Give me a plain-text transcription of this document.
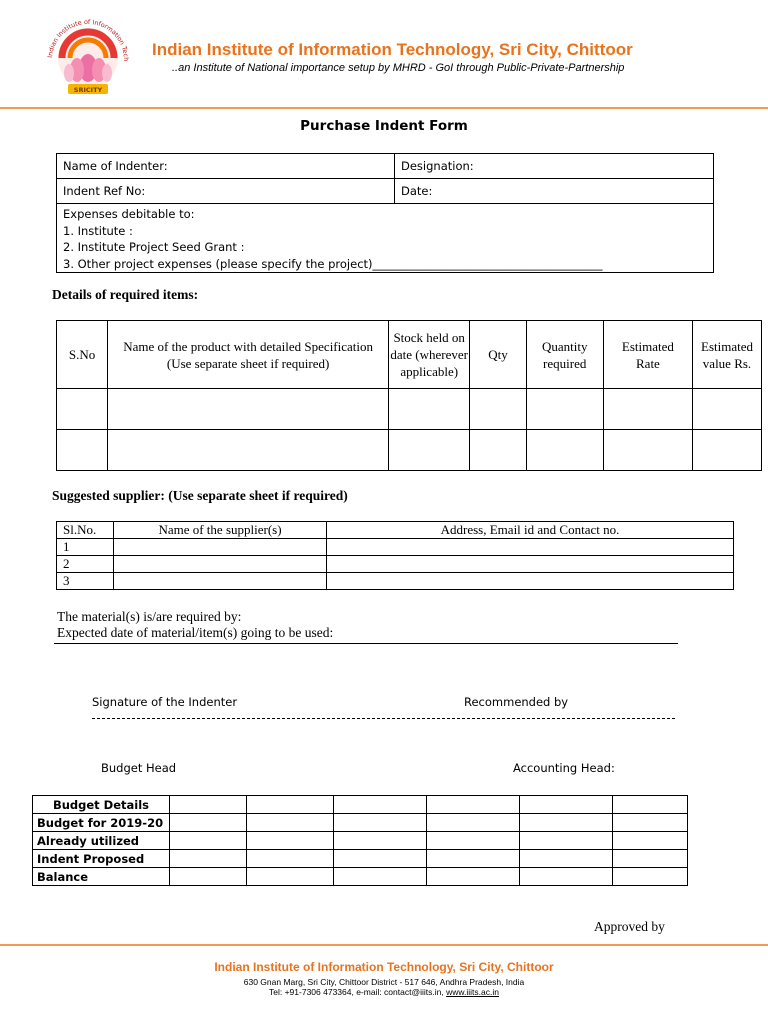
Indian Institute of Information Tech
SRICITY
Indian Institute of Information Technology, Sri City, Chittoor
..an Institute of National importance setup by MHRD - GoI through Public-Private-Partnership
Purchase Indent Form
Name of Indenter:	Designation:
Indent Ref No:	Date:

Expenses debitable to:
1. Institute :
2. Institute Project Seed Grant :
3. Other project expenses (please specify the project)________________________________________	
Details of required items:
S.No	Name of the product with detailed Specification (Use separate sheet if required)	Stock held on date (wherever applicable)	Qty	Quantity required	Estimated Rate	Estimated value Rs.

Suggested supplier: (Use separate sheet if required)
Sl.No.	Name of the supplier(s)	Address, Email id and Contact no.
1		
2		
3		
The material(s) is/are required by:
Expected date of material/item(s) going to be used:
Signature of the Indenter	Recommended by
Budget Head	Accounting Head:
Budget Details						
Budget for 2019-20						
Already utilized						
Indent Proposed						
Balance						
Approved by
Indian Institute of Information Technology, Sri City, Chittoor
630 Gnan Marg, Sri City, Chittoor District - 517 646, Andhra Pradesh, India
Tel: +91-7306 473364, e-mail: contact@iiits.in, www.iiits.ac.in
